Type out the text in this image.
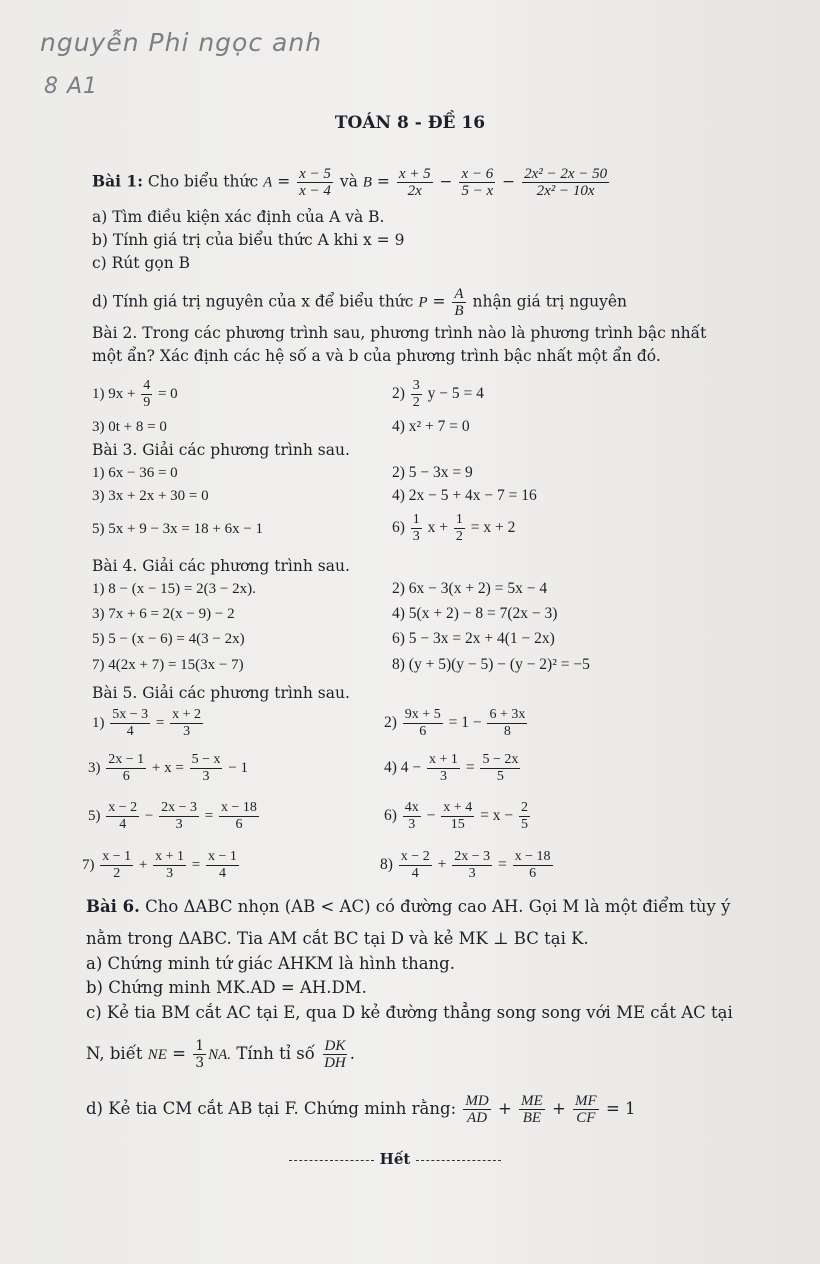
nguyễn Phi ngọc anh
8 A1
TOÁN 8 - ĐỀ 16
Bài 1: Cho biểu thức $A = \frac{x - 5}{x - 4}$ và $B = \frac{x + 5}{2x} - \frac{x - 6}{5 - x} - \frac{\text{2x² − 2x − 50}}{\text{2x² − 10x}}$
a) Tìm điều kiện xác định của A và B.
b) Tính giá trị của biểu thức A khi x = 9
c) Rút gọn B
d) Tính giá trị nguyên của x để biểu thức $P = \frac{A}{B}$ nhận giá trị nguyên
Bài 2. Trong các phương trình sau, phương trình nào là phương trình bậc nhất
một ẩn? Xác định các hệ số a và b của phương trình bậc nhất một ẩn đó.
1) $9x + \frac{4}{9} = 0$	$2) \frac{3}{2}$ y − 5 = 4
3) 0t + 8 = 0	4) x² + 7 = 0
Bài 3. Giải các phương trình sau.
1) 6x − 36 = 0	2) 5 − 3x = 9
3) 3x + 2x + 30 = 0	4) 2x − 5 + 4x − 7 = 16
5) 5x + 9 − 3x = 18 + 6x − 1	$6) \frac{1}{3}$ $x + \frac{1}{2} = x + 2$
Bài 4. Giải các phương trình sau.
1) 8 − (x − 15) = 2(3 − 2x).	2) 6x − 3(x + 2) = 5x − 4
3) 7x + 6 = 2(x − 9) − 2	4) 5(x + 2) − 8 = 7(2x − 3)
5) 5 − (x − 6) = 4(3 − 2x)	6) 5 − 3x = 2x + 4(1 − 2x)
7) 4(2x + 7) = 15(3x − 7)	8) (y + 5)(y − 5) − (y − 2)² = −5
Bài 5. Giải các phương trình sau.
$1) \frac{5x - 3}{4} = \frac{x + 2}{3}$	$2) \frac{9x + 5}{6} = 1 - \frac{6 + 3x}{8}$
$3) \frac{2x - 1}{6} + x = \frac{5 - x}{3} - 1$	4) $4 - \frac{x + 1}{3} = \frac{5 - 2x}{5}$
$5) \frac{x - 2}{4} - \frac{2x - 3}{3} = \frac{x - 18}{6}$	$6) \frac{4x}{3} - \frac{x + 4}{15} = x - \frac{2}{5}$
$7) \frac{x - 1}{2} + \frac{x + 1}{3} = \frac{x - 1}{4}$	$8) \frac{x - 2}{4} + \frac{2x - 3}{3} = \frac{x - 18}{6}$
Bài 6. Cho ΔABC nhọn (AB < AC) có đường cao AH. Gọi M là một điểm tùy ý
nằm trong ΔABC. Tia AM cắt BC tại D và kẻ MK ⊥ BC tại K.
a) Chứng minh tứ giác AHKM là hình thang.
b) Chứng minh MK.AD = AH.DM.
c) Kẻ tia BM cắt AC tại E, qua D kẻ đường thẳng song song với ME cắt AC tại
N, biết NE = $\frac{1}{3}$ NA. Tính tỉ số $\frac{DK}{DH}$ .
d) Kẻ tia CM cắt AB tại F. Chứng minh rằng: $\frac{MD}{AD} + \frac{ME}{BE} + \frac{MF}{CF} = 1$
Hết
